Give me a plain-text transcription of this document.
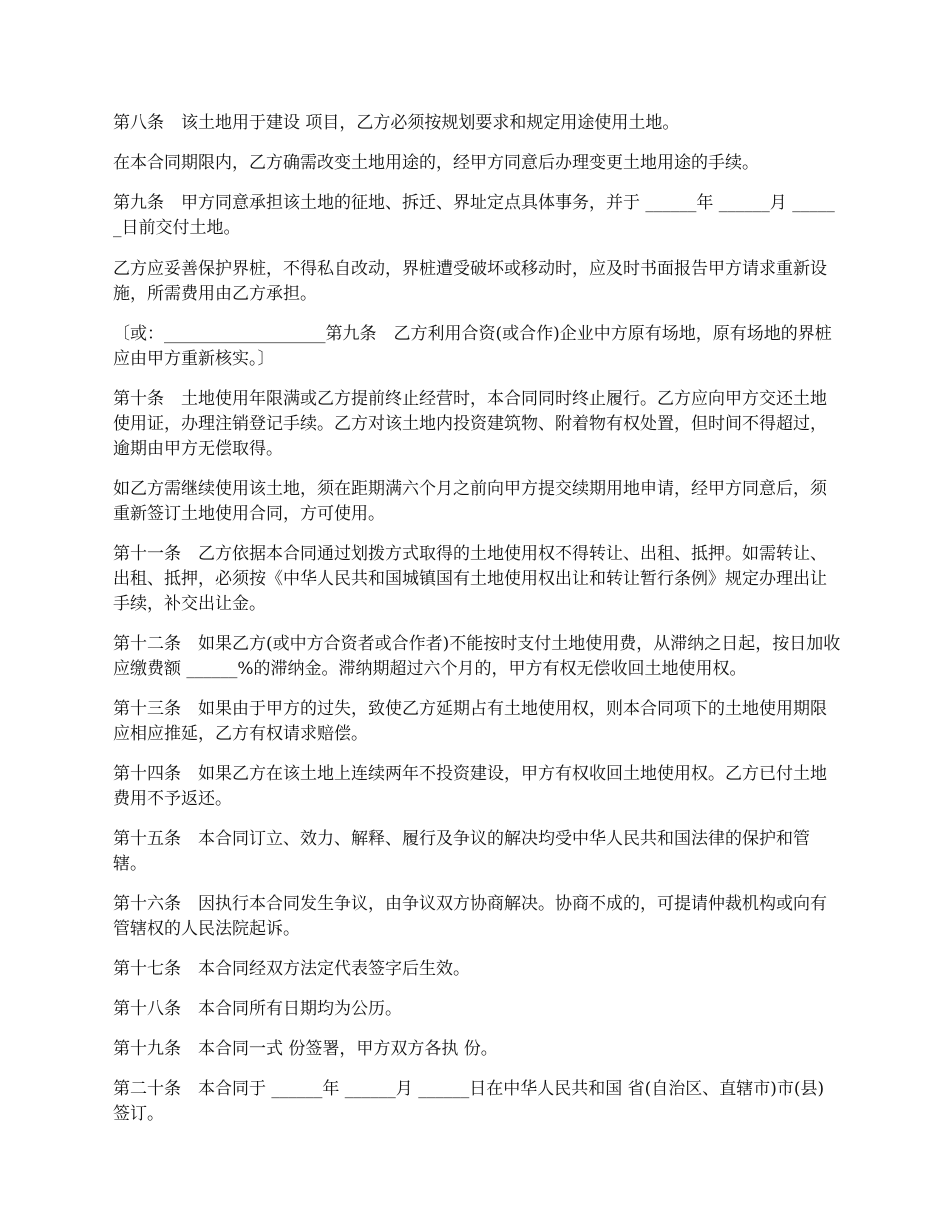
第八条　该土地用于建设 项目，乙方必须按规划要求和规定用途使用土地。

在本合同期限内，乙方确需改变土地用途的，经甲方同意后办理变更土地用途的手续。

第九条　甲方同意承担该土地的征地、拆迁、界址定点具体事务，并于 ______年 ______月 ______日前交付土地。

乙方应妥善保护界桩，不得私自改动，界桩遭受破坏或移动时，应及时书面报告甲方请求重新设施，所需费用由乙方承担。

〔或：___________________第九条　乙方利用合资(或合作)企业中方原有场地，原有场地的界桩应由甲方重新核实。〕

第十条　土地使用年限满或乙方提前终止经营时，本合同同时终止履行。乙方应向甲方交还土地使用证，办理注销登记手续。乙方对该土地内投资建筑物、附着物有权处置，但时间不得超过，逾期由甲方无偿取得。

如乙方需继续使用该土地，须在距期满六个月之前向甲方提交续期用地申请，经甲方同意后，须重新签订土地使用合同，方可使用。

第十一条　乙方依据本合同通过划拨方式取得的土地使用权不得转让、出租、抵押。如需转让、出租、抵押，必须按《中华人民共和国城镇国有土地使用权出让和转让暂行条例》规定办理出让手续，补交出让金。

第十二条　如果乙方(或中方合资者或合作者)不能按时支付土地使用费，从滞纳之日起，按日加收应缴费额 ______%的滞纳金。滞纳期超过六个月的，甲方有权无偿收回土地使用权。

第十三条　如果由于甲方的过失，致使乙方延期占有土地使用权，则本合同项下的土地使用期限应相应推延，乙方有权请求赔偿。

第十四条　如果乙方在该土地上连续两年不投资建设，甲方有权收回土地使用权。乙方已付土地费用不予返还。

第十五条　本合同订立、效力、解释、履行及争议的解决均受中华人民共和国法律的保护和管辖。

第十六条　因执行本合同发生争议，由争议双方协商解决。协商不成的，可提请仲裁机构或向有管辖权的人民法院起诉。

第十七条　本合同经双方法定代表签字后生效。

第十八条　本合同所有日期均为公历。

第十九条　本合同一式 份签署，甲方双方各执 份。

第二十条　本合同于 ______年 ______月 ______日在中华人民共和国 省(自治区、直辖市)市(县)签订。
